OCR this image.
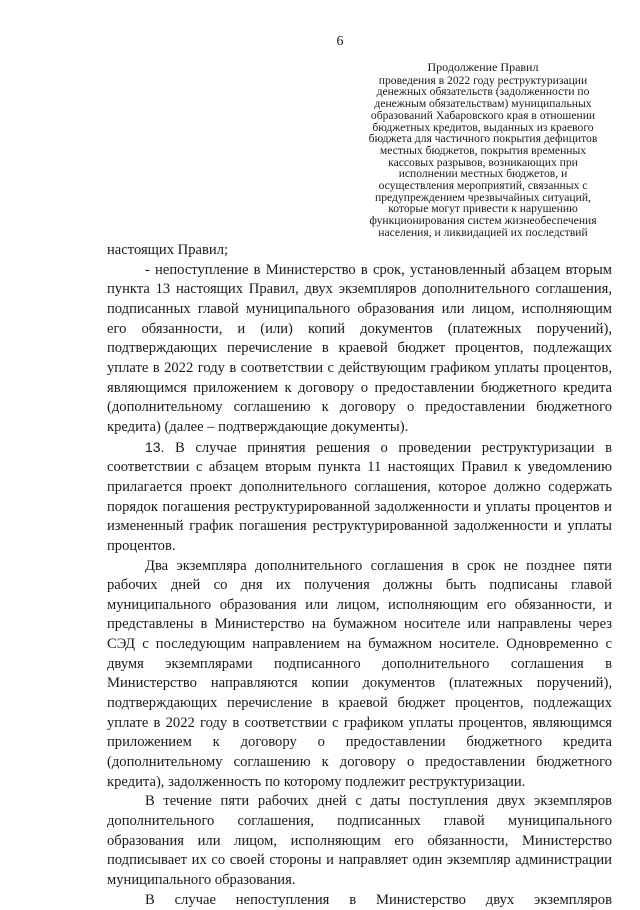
6
Продолжение Правил
проведения в 2022 году реструктуризации денежных обязательств (задолженности по денежным обязательствам) муниципальных образований Хабаровского края в отношении бюджетных кредитов, выданных из краевого бюджета для частичного покрытия дефицитов местных бюджетов, покрытия временных кассовых разрывов, возникающих при исполнении местных бюджетов, и осуществления мероприятий, связанных с предупреждением чрезвычайных ситуаций, которые могут привести к нарушению функционирования систем жизнеобеспечения населения, и ликвидацией их последствий

настоящих Правил;

- непоступление в Министерство в срок, установленный абзацем вторым пункта 13 настоящих Правил, двух экземпляров дополнительного соглашения, подписанных главой муниципального образования или лицом, исполняющим его обязанности, и (или) копий документов (платежных поручений), подтверждающих перечисление в краевой бюджет процентов, подлежащих уплате в 2022 году в соответствии с действующим графиком уплаты процентов, являющимся приложением к договору о предоставлении бюджетного кредита (дополнительному соглашению к договору о предоставлении бюджетного кредита) (далее – подтверждающие документы).

13. В случае принятия решения о проведении реструктуризации в соответствии с абзацем вторым пункта 11 настоящих Правил к уведомлению прилагается проект дополнительного соглашения, которое должно содержать порядок погашения реструктурированной задолженности и уплаты процентов и измененный график погашения реструктурированной задолженности и уплаты процентов.

Два экземпляра дополнительного соглашения в срок не позднее пяти рабочих дней со дня их получения должны быть подписаны главой муниципального образования или лицом, исполняющим его обязанности, и представлены в Министерство на бумажном носителе или направлены через СЭД с последующим направлением на бумажном носителе. Одновременно с двумя экземплярами подписанного дополнительного соглашения в Министерство направляются копии документов (платежных поручений), подтверждающих перечисление в краевой бюджет процентов, подлежащих уплате в 2022 году в соответствии с графиком уплаты процентов, являющимся приложением к договору о предоставлении бюджетного кредита (дополнительному соглашению к договору о предоставлении бюджетного кредита), задолженность по которому подлежит реструктуризации.

В течение пяти рабочих дней с даты поступления двух экземпляров дополнительного соглашения, подписанных главой муниципального образования или лицом, исполняющим его обязанности, Министерство подписывает их со своей стороны и направляет один экземпляр администрации муниципального образования.

В случае непоступления в Министерство двух экземпляров
